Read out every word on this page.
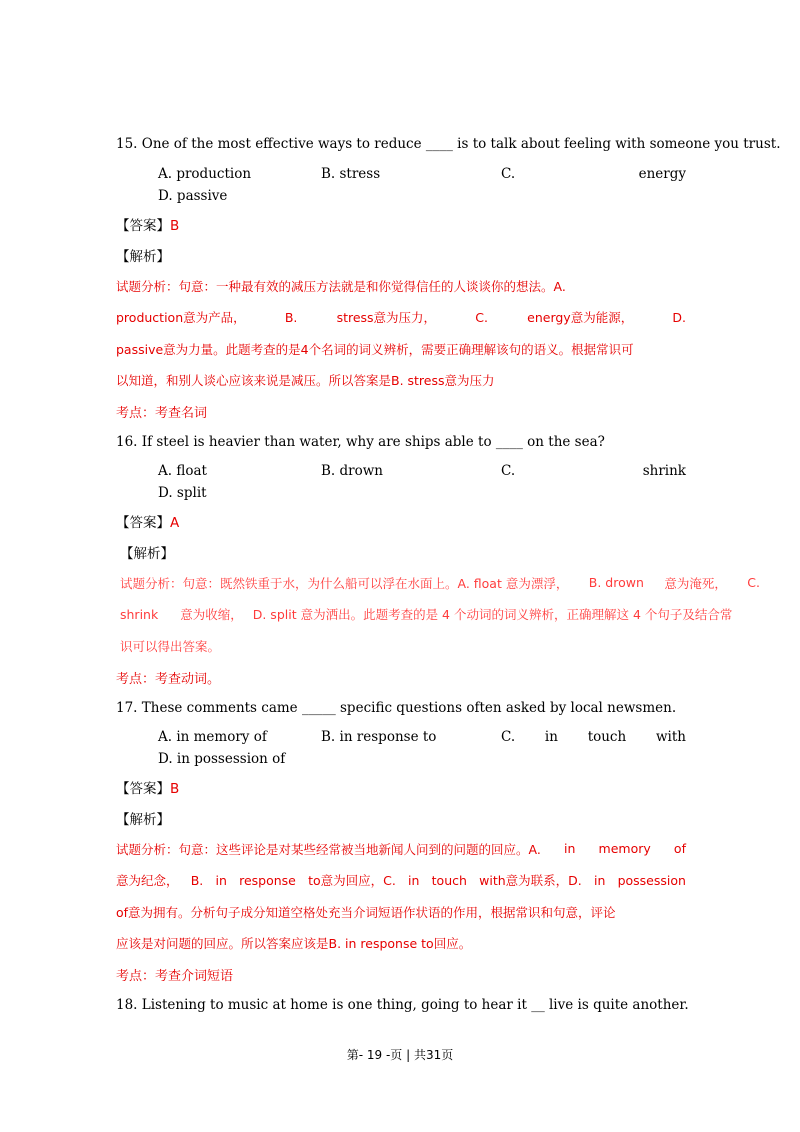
15. One of the most effective ways to reduce ____ is to talk about feeling with someone you trust.
A. production	B. stress	C.	energy
D. passive
【答案】B
【解析】
试题分析：句意：一种最有效的减压方法就是和你觉得信任的人谈谈你的想法。A.
production意为产品，	B.	stress意为压力，	C.	energy意为能源，	D.
passive意为力量。此题考查的是4个名词的词义辨析，需要正确理解该句的语义。根据常识可
以知道，和别人谈心应该来说是减压。所以答案是B. stress意为压力
考点：考查名词
16. If steel is heavier than water, why are ships able to ____ on the sea?
A. float	B. drown	C.	shrink
D. split
【答案】A
【解析】
试题分析：句意：既然铁重于水，为什么船可以浮在水面上。A. float 意为漂浮， B. drown 意为淹死， C.
shrink 意为收缩， D. split 意为洒出。此题考查的是 4 个动词的词义辨析，正确理解这 4 个句子及结合常
识可以得出答案。
考点：考查动词。
17. These comments came _____ specific questions often asked by local newsmen.
A. in memory of	B. in response to	C. in touch with
D. in possession of
【答案】B
【解析】
试题分析：句意：这些评论是对某些经常被当地新闻人问到的问题的回应。A. in memory of
意为纪念， B. in response to意为回应，C. in touch with意为联系，D. in possession
of意为拥有。分析句子成分知道空格处充当介词短语作状语的作用，根据常识和句意，评论
应该是对问题的回应。所以答案应该是B. in response to回应。
考点：考查介词短语
18. Listening to music at home is one thing, going to hear it __ live is quite another.
第- 19 -页 | 共31页
